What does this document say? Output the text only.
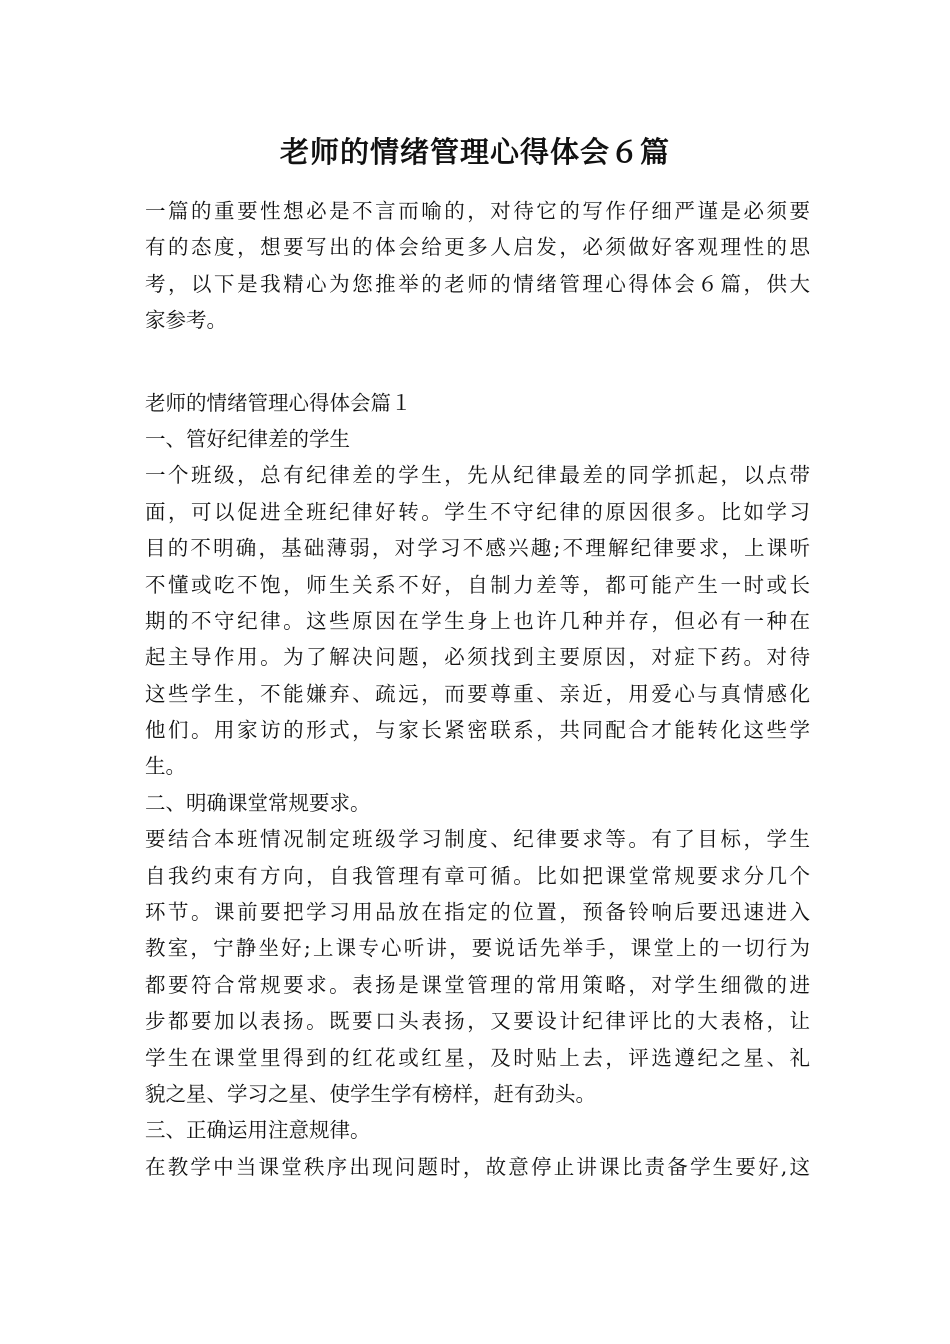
老师的情绪管理心得体会６篇
一篇的重要性想必是不言而喻的，对待它的写作仔细严谨是必须要
有的态度，想要写出的体会给更多人启发，必须做好客观理性的思
考，以下是我精心为您推举的老师的情绪管理心得体会６篇，供大
家参考。
老师的情绪管理心得体会篇１
一、管好纪律差的学生
一个班级，总有纪律差的学生，先从纪律最差的同学抓起，以点带
面，可以促进全班纪律好转。学生不守纪律的原因很多。比如学习
目的不明确，基础薄弱，对学习不感兴趣;不理解纪律要求，上课听
不懂或吃不饱，师生关系不好，自制力差等，都可能产生一时或长
期的不守纪律。这些原因在学生身上也许几种并存，但必有一种在
起主导作用。为了解决问题，必须找到主要原因，对症下药。对待
这些学生，不能嫌弃、疏远，而要尊重、亲近，用爱心与真情感化
他们。用家访的形式，与家长紧密联系，共同配合才能转化这些学
生。
二、明确课堂常规要求。
要结合本班情况制定班级学习制度、纪律要求等。有了目标，学生
自我约束有方向，自我管理有章可循。比如把课堂常规要求分几个
环节。课前要把学习用品放在指定的位置，预备铃响后要迅速进入
教室，宁静坐好;上课专心听讲，要说话先举手，课堂上的一切行为
都要符合常规要求。表扬是课堂管理的常用策略，对学生细微的进
步都要加以表扬。既要口头表扬，又要设计纪律评比的大表格，让
学生在课堂里得到的红花或红星，及时贴上去，评选遵纪之星、礼
貌之星、学习之星、使学生学有榜样，赶有劲头。
三、正确运用注意规律。
在教学中当课堂秩序出现问题时，故意停止讲课比责备学生要好,这
